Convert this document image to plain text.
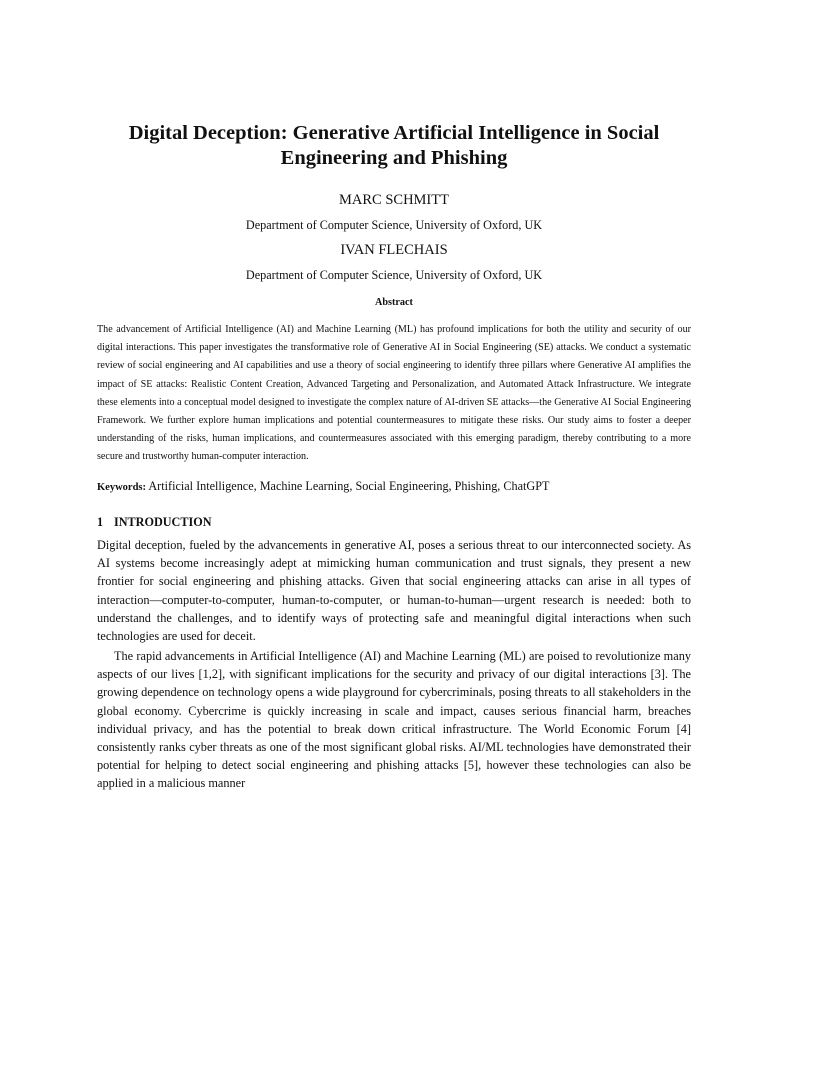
Digital Deception: Generative Artificial Intelligence in Social Engineering and Phishing

MARC SCHMITT

Department of Computer Science, University of Oxford, UK

IVAN FLECHAIS

Department of Computer Science, University of Oxford, UK

Abstract

The advancement of Artificial Intelligence (AI) and Machine Learning (ML) has profound implications for both the utility and security of our digital interactions. This paper investigates the transformative role of Generative AI in Social Engineering (SE) attacks. We conduct a systematic review of social engineering and AI capabilities and use a theory of social engineering to identify three pillars where Generative AI amplifies the impact of SE attacks: Realistic Content Creation, Advanced Targeting and Personalization, and Automated Attack Infrastructure. We integrate these elements into a conceptual model designed to investigate the complex nature of AI-driven SE attacks—the Generative AI Social Engineering Framework. We further explore human implications and potential countermeasures to mitigate these risks. Our study aims to foster a deeper understanding of the risks, human implications, and countermeasures associated with this emerging paradigm, thereby contributing to a more secure and trustworthy human-computer interaction.

Keywords: Artificial Intelligence, Machine Learning, Social Engineering, Phishing, ChatGPT

1 INTRODUCTION

Digital deception, fueled by the advancements in generative AI, poses a serious threat to our interconnected society. As AI systems become increasingly adept at mimicking human communication and trust signals, they present a new frontier for social engineering and phishing attacks. Given that social engineering attacks can arise in all types of interaction—computer-to-computer, human-to-computer, or human-to-human—urgent research is needed: both to understand the challenges, and to identify ways of protecting safe and meaningful digital interactions when such technologies are used for deceit.

The rapid advancements in Artificial Intelligence (AI) and Machine Learning (ML) are poised to revolutionize many aspects of our lives [1,2], with significant implications for the security and privacy of our digital interactions [3]. The growing dependence on technology opens a wide playground for cybercriminals, posing threats to all stakeholders in the global economy. Cybercrime is quickly increasing in scale and impact, causes serious financial harm, breaches individual privacy, and has the potential to break down critical infrastructure. The World Economic Forum [4] consistently ranks cyber threats as one of the most significant global risks. AI/ML technologies have demonstrated their potential for helping to detect social engineering and phishing attacks [5], however these technologies can also be applied in a malicious manner
